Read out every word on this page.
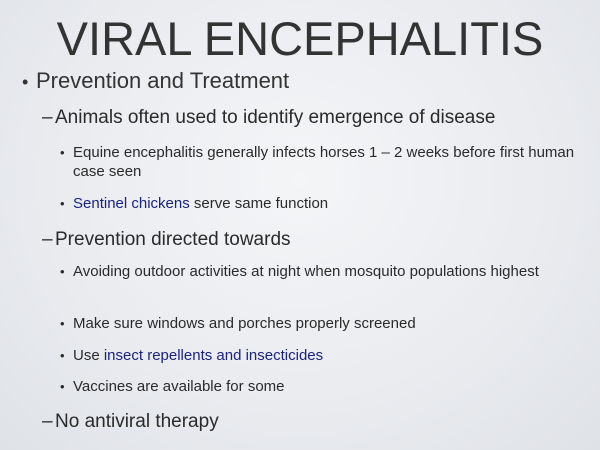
VIRAL ENCEPHALITIS
• Prevention and Treatment
– Animals often used to identify emergence of disease
• Equine encephalitis generally infects horses 1 – 2 weeks before first human case seen
• Sentinel chickens serve same function
– Prevention directed towards
• Avoiding outdoor activities at night when mosquito populations highest
• Make sure windows and porches properly screened
• Use insect repellents and insecticides
• Vaccines are available for some
– No antiviral therapy
